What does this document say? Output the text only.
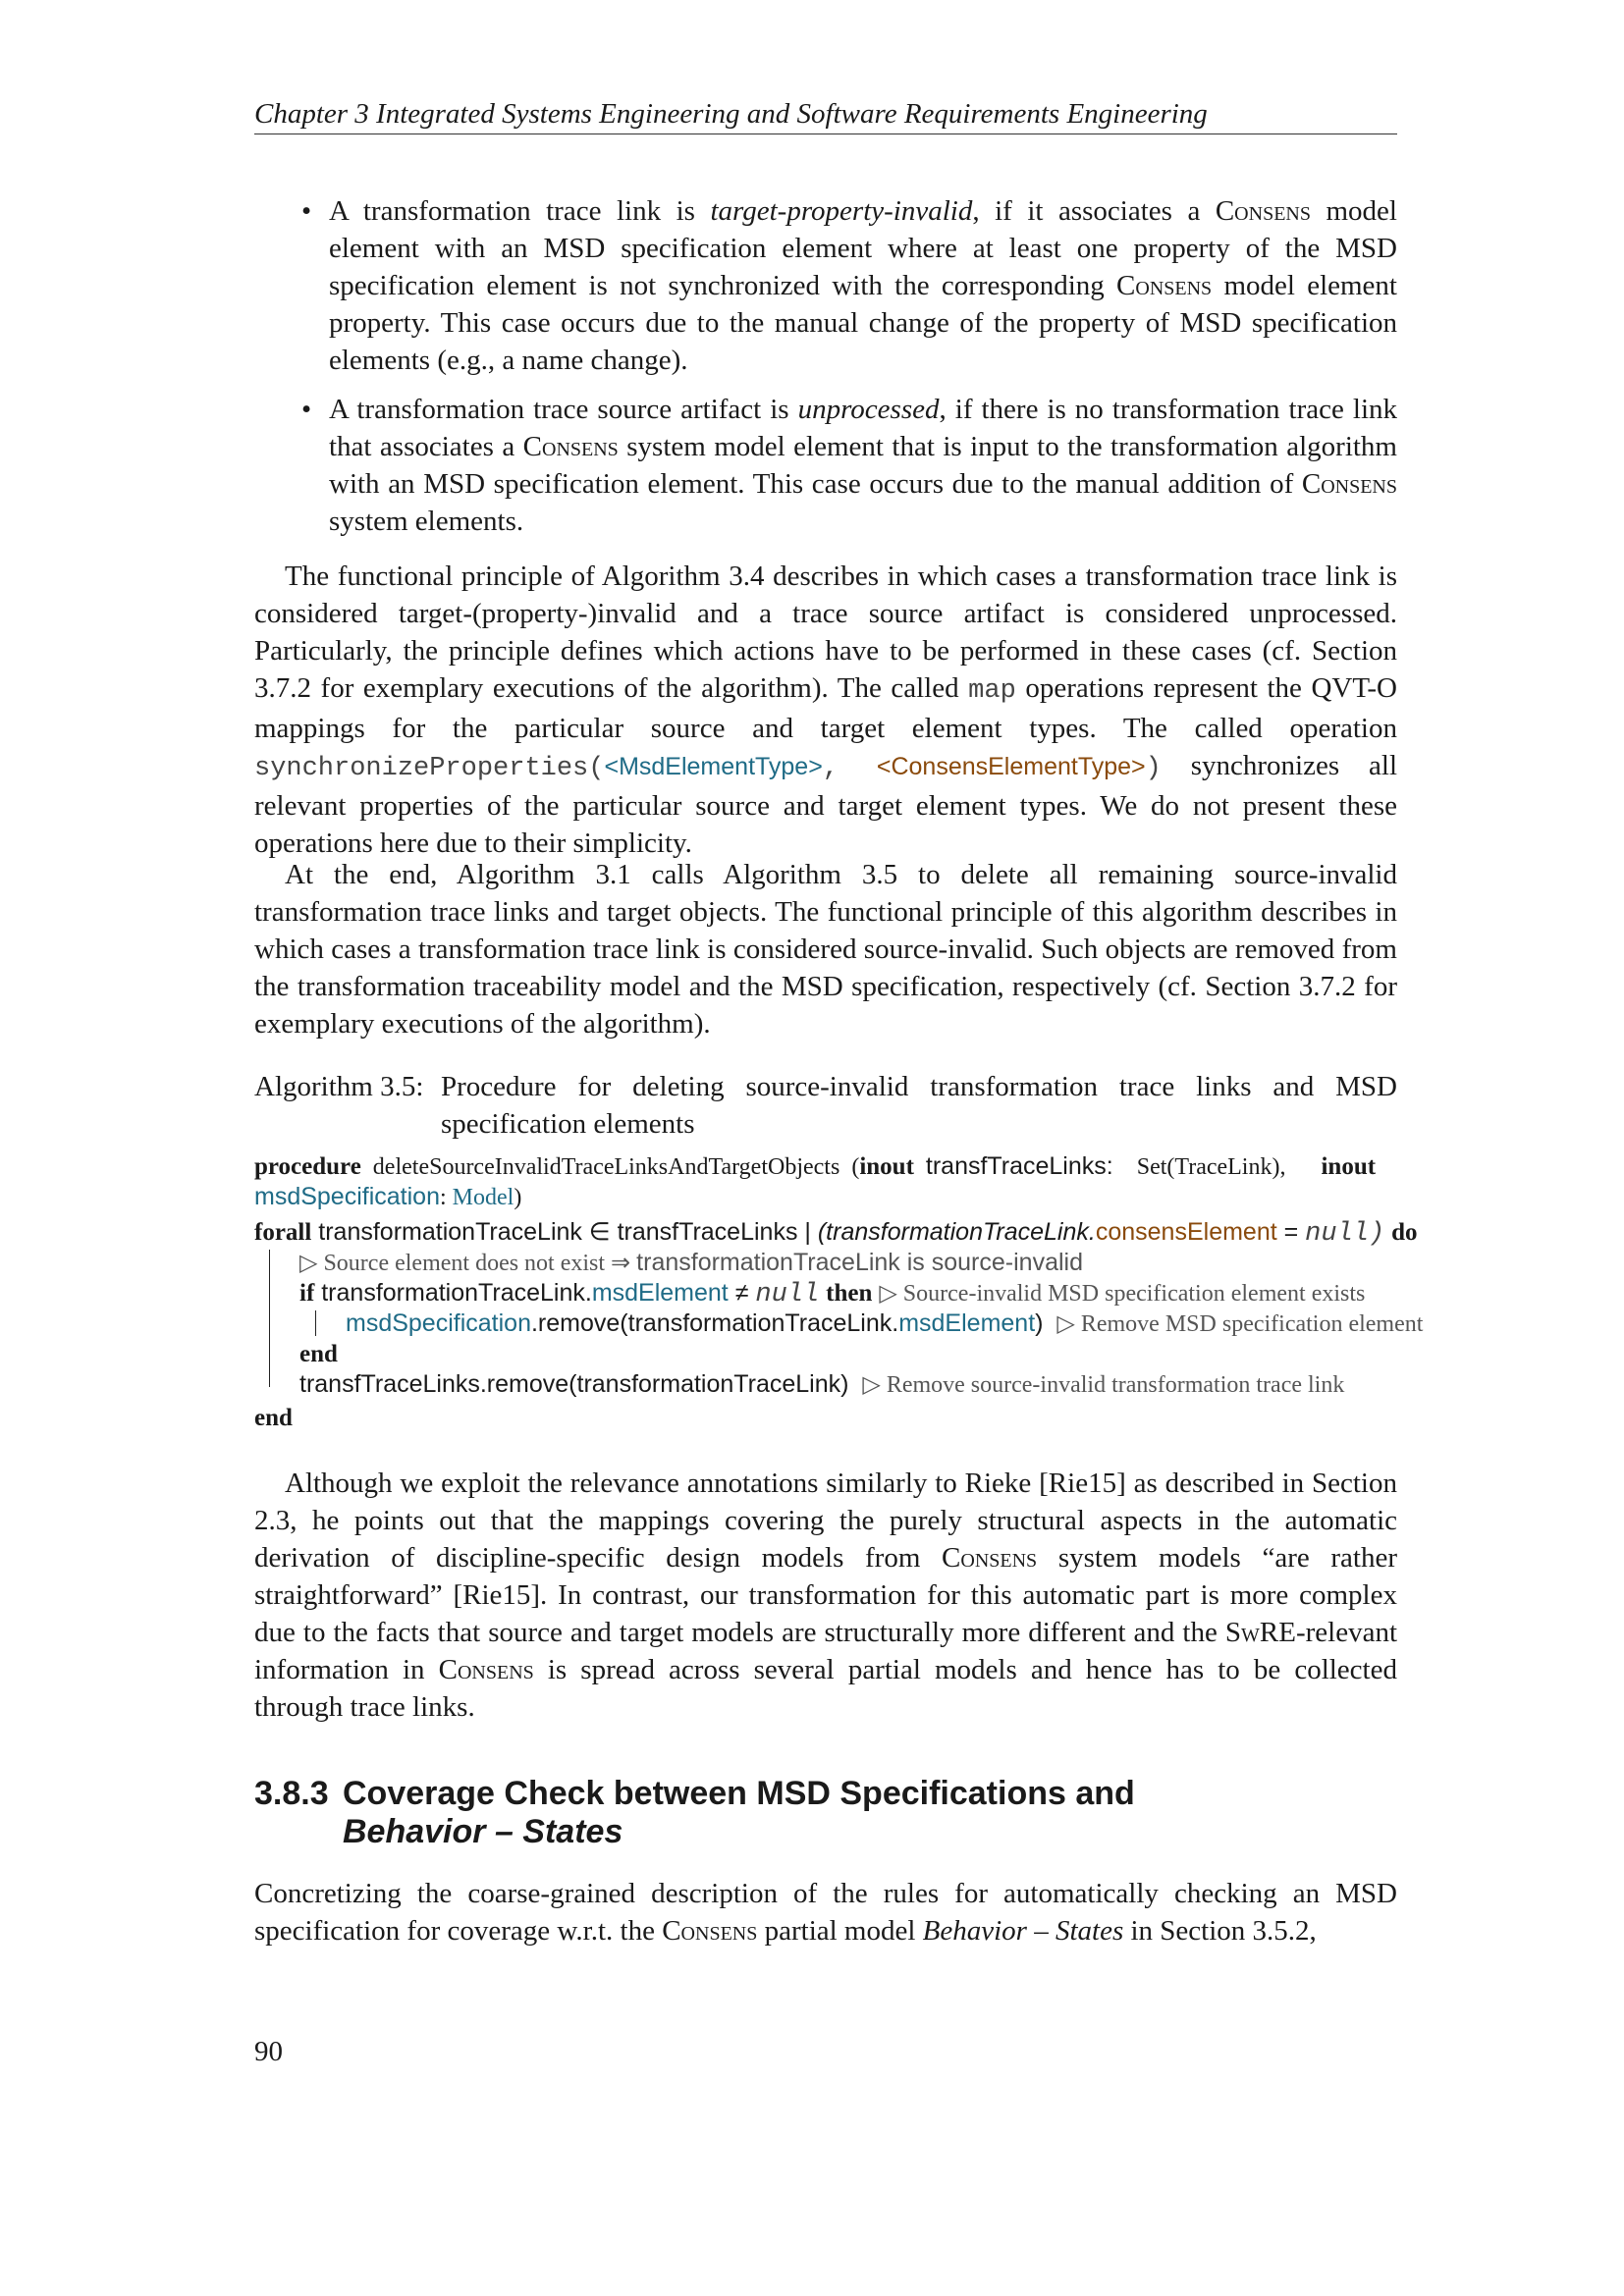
Chapter 3 Integrated Systems Engineering and Software Requirements Engineering
• A transformation trace link is target-property-invalid, if it associates a Consens model element with an MSD specification element where at least one property of the MSD specification element is not synchronized with the corresponding Consens model element property. This case occurs due to the manual change of the property of MSD specification elements (e.g., a name change).
• A transformation trace source artifact is unprocessed, if there is no transformation trace link that associates a Consens system model element that is input to the transformation algorithm with an MSD specification element. This case occurs due to the manual addition of Consens system elements.

The functional principle of Algorithm 3.4 describes in which cases a transformation trace link is considered target-(property-)invalid and a trace source artifact is considered unprocessed. Particularly, the principle defines which actions have to be performed in these cases (cf. Section 3.7.2 for exemplary executions of the algorithm). The called map operations represent the QVT-O mappings for the particular source and target element types. The called operation synchronizeProperties(<MsdElementType>, <ConsensElementType>) synchronizes all relevant properties of the particular source and target element types. We do not present these operations here due to their simplicity.

At the end, Algorithm 3.1 calls Algorithm 3.5 to delete all remaining source-invalid transformation trace links and target objects. The functional principle of this algorithm describes in which cases a transformation trace link is considered source-invalid. Such objects are removed from the transformation traceability model and the MSD specification, respectively (cf. Section 3.7.2 for exemplary executions of the algorithm).

Algorithm 3.5: Procedure for deleting source-invalid transformation trace links and MSD specification elements
procedure deleteSourceInvalidTraceLinksAndTargetObjects (inout transfTraceLinks: Set(TraceLink), inout
msdSpecification: Model)
forall transformationTraceLink ∈ transfTraceLinks | (transformationTraceLink.consensElement = null) do
▷ Source element does not exist ⇒ transformationTraceLink is source-invalid
if transformationTraceLink.msdElement ≠ null then ▷ Source-invalid MSD specification element exists
msdSpecification.remove(transformationTraceLink.msdElement) ▷ Remove MSD specification element
end
transfTraceLinks.remove(transformationTraceLink) ▷ Remove source-invalid transformation trace link
end

Although we exploit the relevance annotations similarly to Rieke [Rie15] as described in Section 2.3, he points out that the mappings covering the purely structural aspects in the automatic derivation of discipline-specific design models from Consens system models “are rather straightforward” [Rie15]. In contrast, our transformation for this automatic part is more complex due to the facts that source and target models are structurally more different and the SwRE-relevant information in Consens is spread across several partial models and hence has to be collected through trace links.

3.8.3 Coverage Check between MSD Specifications and
Behavior – States

Concretizing the coarse-grained description of the rules for automatically checking an MSD specification for coverage w.r.t. the Consens partial model Behavior – States in Section 3.5.2,

90
